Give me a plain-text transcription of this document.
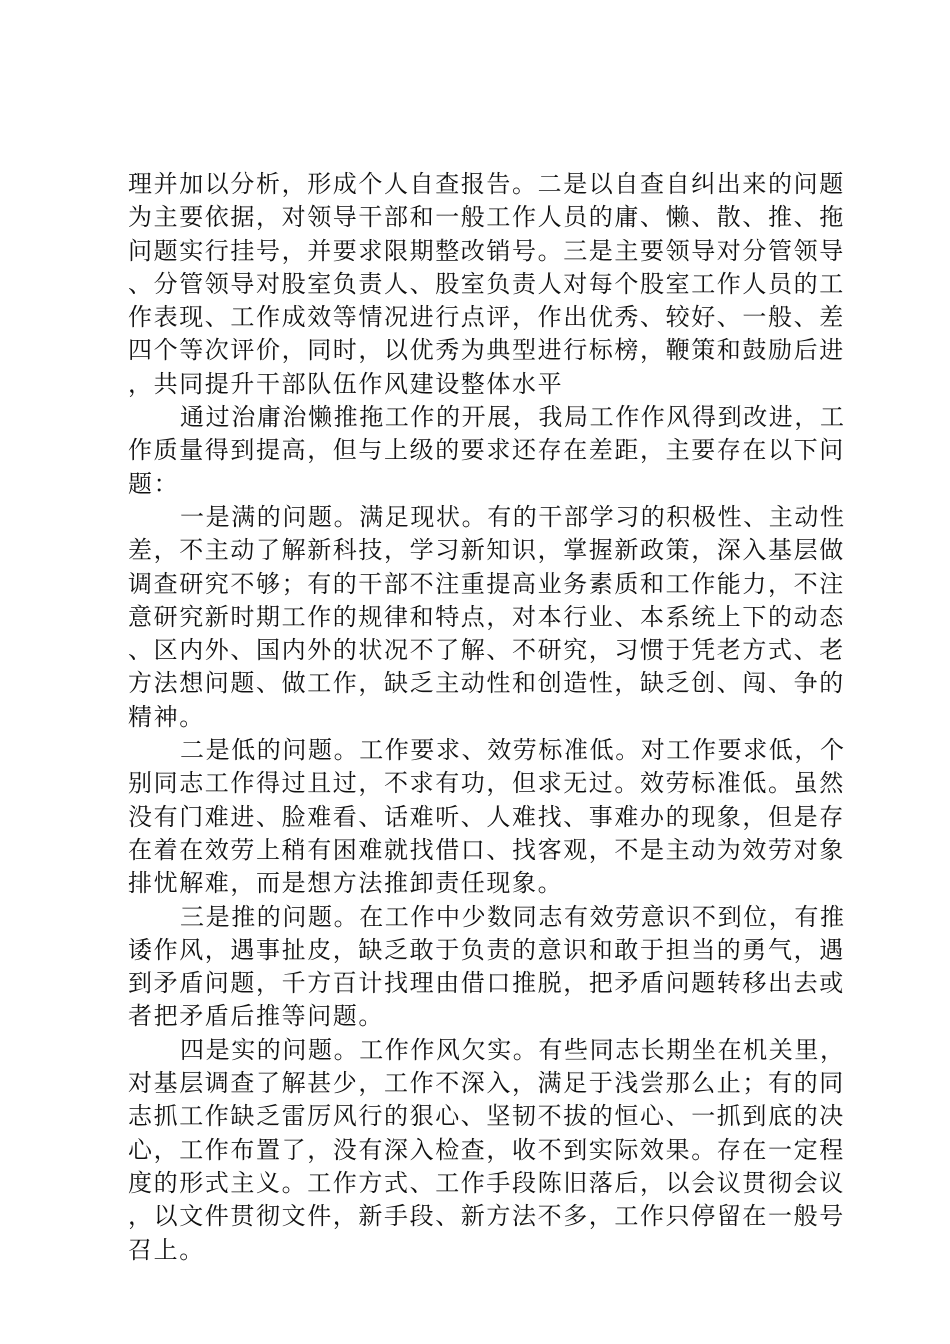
理并加以分析，形成个人自查报告。二是以自查自纠出来的问题为主要依据，对领导干部和一般工作人员的庸、懒、散、推、拖问题实行挂号，并要求限期整改销号。三是主要领导对分管领导、分管领导对股室负责人、股室负责人对每个股室工作人员的工作表现、工作成效等情况进行点评，作出优秀、较好、一般、差四个等次评价，同时，以优秀为典型进行标榜，鞭策和鼓励后进，共同提升干部队伍作风建设整体水平

通过治庸治懒推拖工作的开展，我局工作作风得到改进，工作质量得到提高，但与上级的要求还存在差距，主要存在以下问题：

一是满的问题。满足现状。有的干部学习的积极性、主动性差，不主动了解新科技，学习新知识，掌握新政策，深入基层做调查研究不够；有的干部不注重提高业务素质和工作能力，不注意研究新时期工作的规律和特点，对本行业、本系统上下的动态、区内外、国内外的状况不了解、不研究，习惯于凭老方式、老方法想问题、做工作，缺乏主动性和创造性，缺乏创、闯、争的精神。

二是低的问题。工作要求、效劳标准低。对工作要求低，个别同志工作得过且过，不求有功，但求无过。效劳标准低。虽然没有门难进、脸难看、话难听、人难找、事难办的现象，但是存在着在效劳上稍有困难就找借口、找客观，不是主动为效劳对象排忧解难，而是想方法推卸责任现象。

三是推的问题。在工作中少数同志有效劳意识不到位，有推诿作风，遇事扯皮，缺乏敢于负责的意识和敢于担当的勇气，遇到矛盾问题，千方百计找理由借口推脱，把矛盾问题转移出去或者把矛盾后推等问题。

四是实的问题。工作作风欠实。有些同志长期坐在机关里，对基层调查了解甚少，工作不深入，满足于浅尝那么止；有的同志抓工作缺乏雷厉风行的狠心、坚韧不拔的恒心、一抓到底的决心，工作布置了，没有深入检查，收不到实际效果。存在一定程度的形式主义。工作方式、工作手段陈旧落后，以会议贯彻会议，以文件贯彻文件，新手段、新方法不多，工作只停留在一般号召上。
